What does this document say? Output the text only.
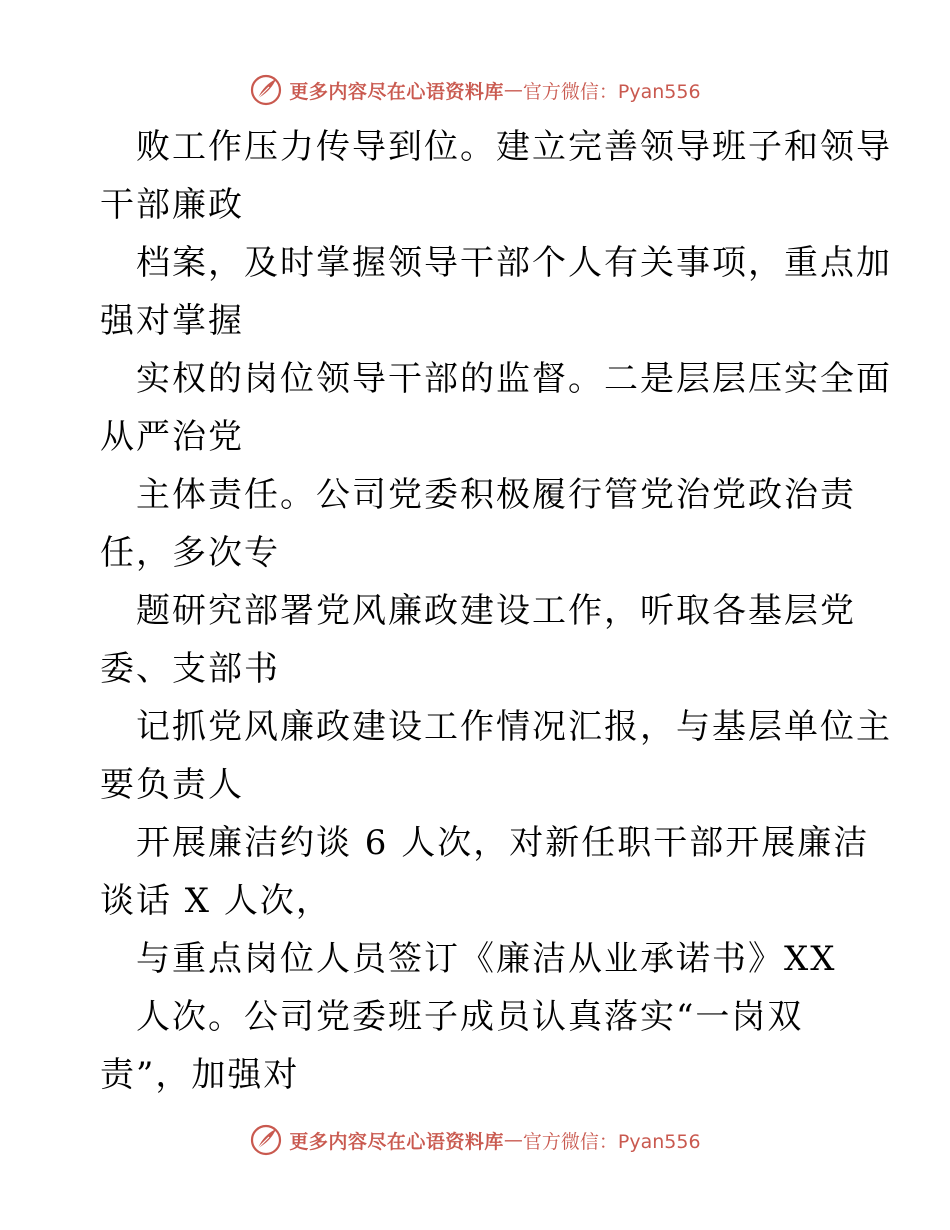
更多内容尽在心语资料库 — 官方微信：Pyan556
败工作压力传导到位。建立完善领导班子和领导
干部廉政
档案，及时掌握领导干部个人有关事项，重点加
强对掌握
实权的岗位领导干部的监督。二是层层压实全面
从严治党
主体责任。公司党委积极履行管党治党政治责
任，多次专
题研究部署党风廉政建设工作，听取各基层党
委、支部书
记抓党风廉政建设工作情况汇报，与基层单位主
要负责人
开展廉洁约谈 6 人次，对新任职干部开展廉洁
谈话 X 人次，
与重点岗位人员签订《廉洁从业承诺书》XX
人次。公司党委班子成员认真落实“一岗双
责”，加强对
更多内容尽在心语资料库 — 官方微信：Pyan556
